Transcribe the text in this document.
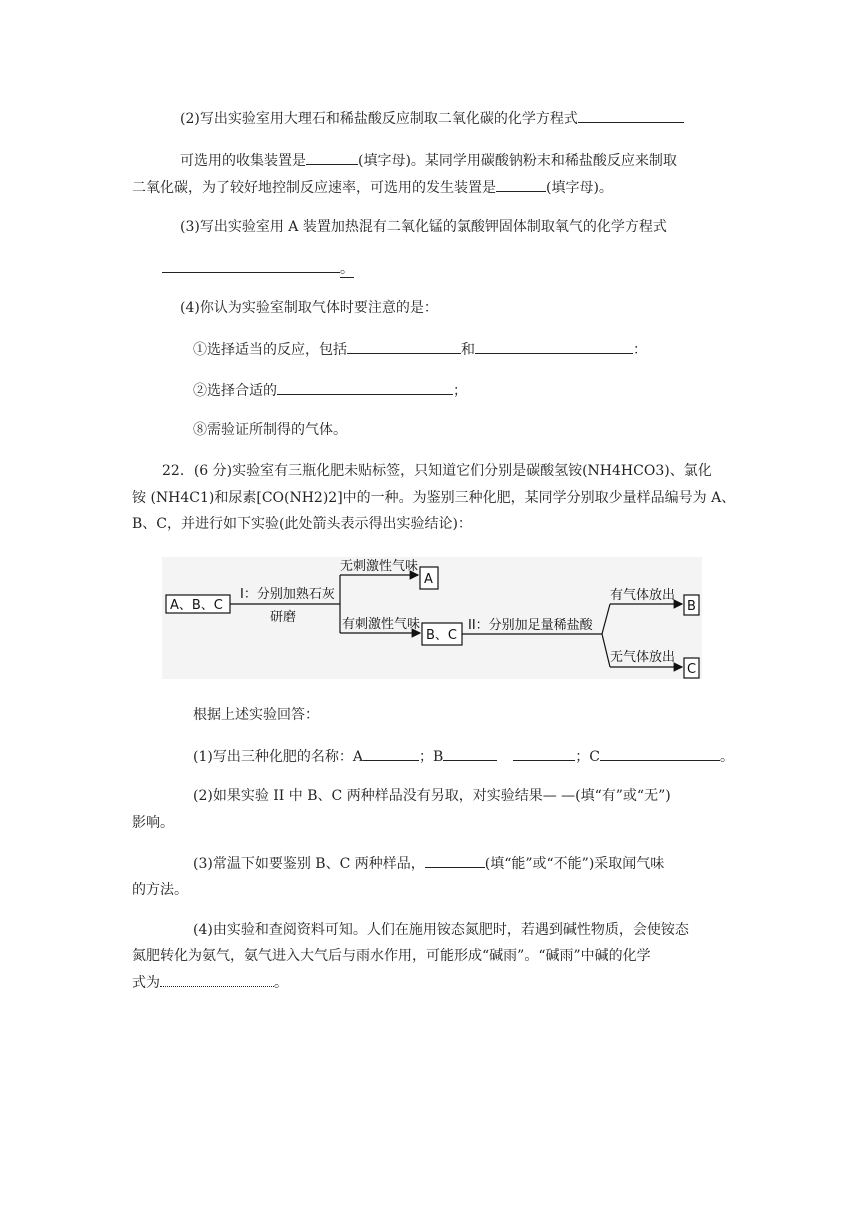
(2)写出实验室用大理石和稀盐酸反应制取二氧化碳的化学方程式
可选用的收集装置是	(填字母)。某同学用碳酸钠粉末和稀盐酸反应来制取
二氧化碳，为了较好地控制反应速率，可选用的发生装置是	(填字母)。
(3)写出实验室用 A 装置加热混有二氧化锰的氯酸钾固体制取氧气的化学方程式
。
(4)你认为实验室制取气体时要注意的是：
①选择适当的反应，包括	和	：
②选择合适的	；
⑧需验证所制得的气体。
22．(6 分)实验室有三瓶化肥未贴标签，只知道它们分别是碳酸氢铵(NH4HCO3)、氯化
铵 (NH4C1)和尿素[CO(NH2)2]中的一种。为鉴别三种化肥，某同学分别取少量样品编号为 A、
B、C，并进行如下实验(此处箭头表示得出实验结论)：
A、B、C
I：分别加熟石灰
研磨
无刺激性气味
A
有刺激性气味
B、C
II：分别加足量稀盐酸
有气体放出
B
无气体放出
C
根据上述实验回答：
(1)写出三种化肥的名称：A	；B	；C	。
(2)如果实验 II 中 B、C 两种样品没有另取，对实验结果— —(填“有”或“无”)
影响。
(3)常温下如要鉴别 B、C 两种样品，	(填“能”或“不能”)采取闻气味
的方法。
(4)由实验和查阅资料可知。人们在施用铵态氮肥时，若遇到碱性物质，会使铵态
氮肥转化为氨气，氨气进入大气后与雨水作用，可能形成“碱雨”。“碱雨”中碱的化学
式为	。
